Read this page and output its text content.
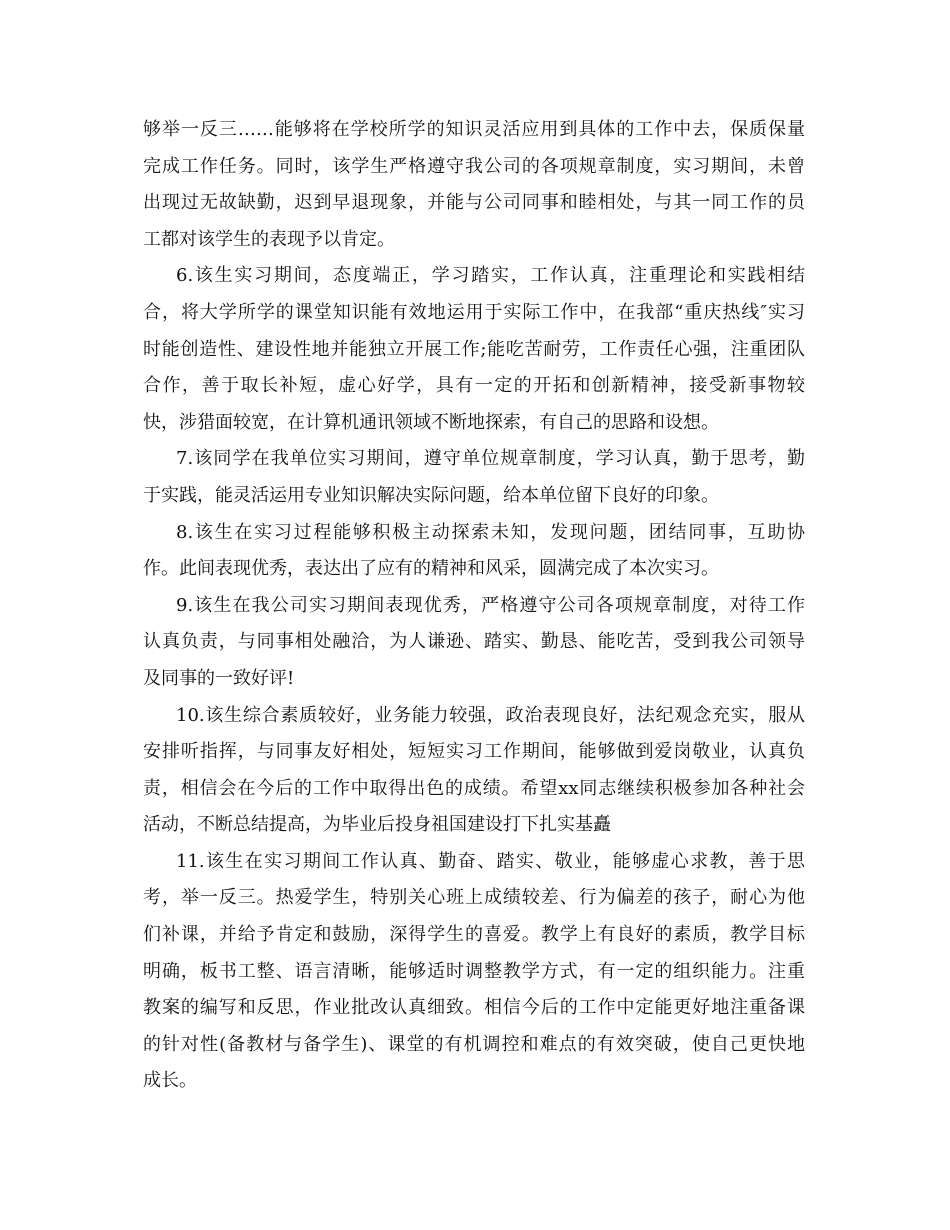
够举一反三……能够将在学校所学的知识灵活应用到具体的工作中去，保质保量
完成工作任务。同时，该学生严格遵守我公司的各项规章制度，实习期间，未曾
出现过无故缺勤，迟到早退现象，并能与公司同事和睦相处，与其一同工作的员
工都对该学生的表现予以肯定。
6.该生实习期间，态度端正，学习踏实，工作认真，注重理论和实践相结
合，将大学所学的课堂知识能有效地运用于实际工作中，在我部“重庆热线″实习
时能创造性、建设性地并能独立开展工作;能吃苦耐劳，工作责任心强，注重团队
合作，善于取长补短，虚心好学，具有一定的开拓和创新精神，接受新事物较
快，涉猎面较宽，在计算机通讯领域不断地探索，有自己的思路和设想。
7.该同学在我单位实习期间，遵守单位规章制度，学习认真，勤于思考，勤
于实践，能灵活运用专业知识解决实际问题，给本单位留下良好的印象。
8.该生在实习过程能够积极主动探索未知，发现问题，团结同事，互助协
作。此间表现优秀，表达出了应有的精神和风采，圆满完成了本次实习。
9.该生在我公司实习期间表现优秀，严格遵守公司各项规章制度，对待工作
认真负责，与同事相处融洽，为人谦逊、踏实、勤恳、能吃苦，受到我公司领导
及同事的一致好评!
10.该生综合素质较好，业务能力较强，政治表现良好，法纪观念充实，服从
安排听指挥，与同事友好相处，短短实习工作期间，能够做到爱岗敬业，认真负
责，相信会在今后的工作中取得出色的成绩。希望xx同志继续积极参加各种社会
活动，不断总结提高，为毕业后投身祖国建设打下扎实基矗
11.该生在实习期间工作认真、勤奋、踏实、敬业，能够虚心求教，善于思
考，举一反三。热爱学生，特别关心班上成绩较差、行为偏差的孩子，耐心为他
们补课，并给予肯定和鼓励，深得学生的喜爱。教学上有良好的素质，教学目标
明确，板书工整、语言清晰，能够适时调整教学方式，有一定的组织能力。注重
教案的编写和反思，作业批改认真细致。相信今后的工作中定能更好地注重备课
的针对性(备教材与备学生)、课堂的有机调控和难点的有效突破，使自己更快地
成长。
